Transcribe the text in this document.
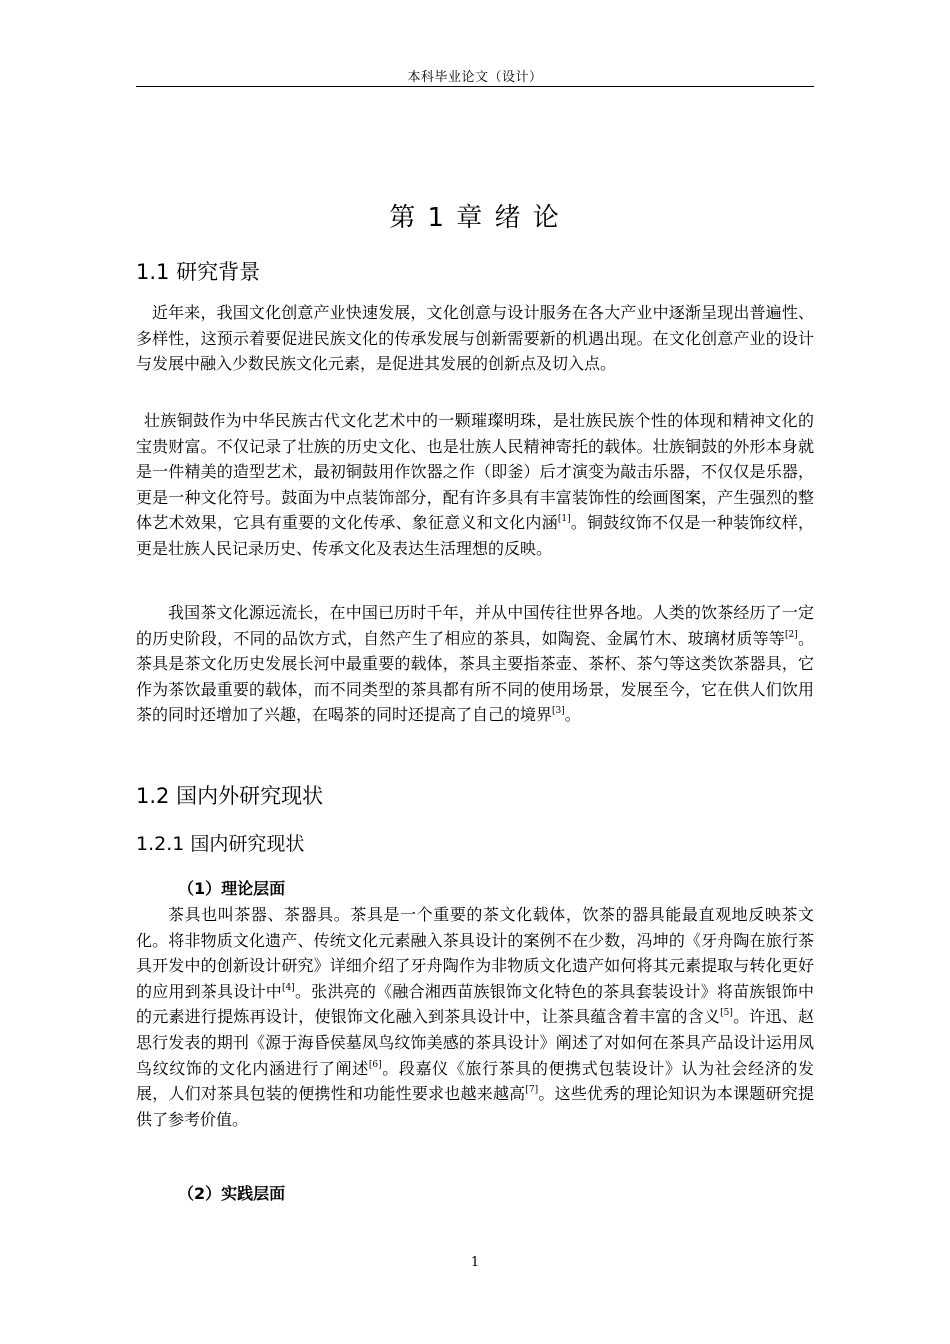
本科毕业论文（设计）
第 1 章 绪 论
1.1 研究背景

近年来，我国文化创意产业快速发展，文化创意与设计服务在各大产业中逐渐呈现出普遍性、多样性，这预示着要促进民族文化的传承发展与创新需要新的机遇出现。在文化创意产业的设计与发展中融入少数民族文化元素，是促进其发展的创新点及切入点。

壮族铜鼓作为中华民族古代文化艺术中的一颗璀璨明珠，是壮族民族个性的体现和精神文化的宝贵财富。不仅记录了壮族的历史文化、也是壮族人民精神寄托的载体。壮族铜鼓的外形本身就是一件精美的造型艺术，最初铜鼓用作饮器之作（即釜）后才演变为敲击乐器，不仅仅是乐器，更是一种文化符号。鼓面为中点装饰部分，配有许多具有丰富装饰性的绘画图案，产生强烈的整体艺术效果，它具有重要的文化传承、象征意义和文化内涵[1]。铜鼓纹饰不仅是一种装饰纹样，更是壮族人民记录历史、传承文化及表达生活理想的反映。

我国茶文化源远流长，在中国已历时千年，并从中国传往世界各地。人类的饮茶经历了一定的历史阶段，不同的品饮方式，自然产生了相应的茶具，如陶瓷、金属竹木、玻璃材质等等[2]。茶具是茶文化历史发展长河中最重要的载体，茶具主要指茶壶、茶杯、茶勺等这类饮茶器具，它作为茶饮最重要的载体，而不同类型的茶具都有所不同的使用场景，发展至今，它在供人们饮用茶的同时还增加了兴趣，在喝茶的同时还提高了自己的境界[3]。

1.2 国内外研究现状
1.2.1 国内研究现状
（1）理论层面

茶具也叫茶器、茶器具。茶具是一个重要的茶文化载体，饮茶的器具能最直观地反映茶文化。将非物质文化遗产、传统文化元素融入茶具设计的案例不在少数，冯坤的《牙舟陶在旅行茶具开发中的创新设计研究》详细介绍了牙舟陶作为非物质文化遗产如何将其元素提取与转化更好的应用到茶具设计中[4]。张洪亮的《融合湘西苗族银饰文化特色的茶具套装设计》将苗族银饰中的元素进行提炼再设计，使银饰文化融入到茶具设计中，让茶具蕴含着丰富的含义[5]。许迅、赵思行发表的期刊《源于海昏侯墓凤鸟纹饰美感的茶具设计》阐述了对如何在茶具产品设计运用凤鸟纹纹饰的文化内涵进行了阐述[6]。段嘉仪《旅行茶具的便携式包装设计》认为社会经济的发展，人们对茶具包装的便携性和功能性要求也越来越高[7]。这些优秀的理论知识为本课题研究提供了参考价值。

（2）实践层面
1
